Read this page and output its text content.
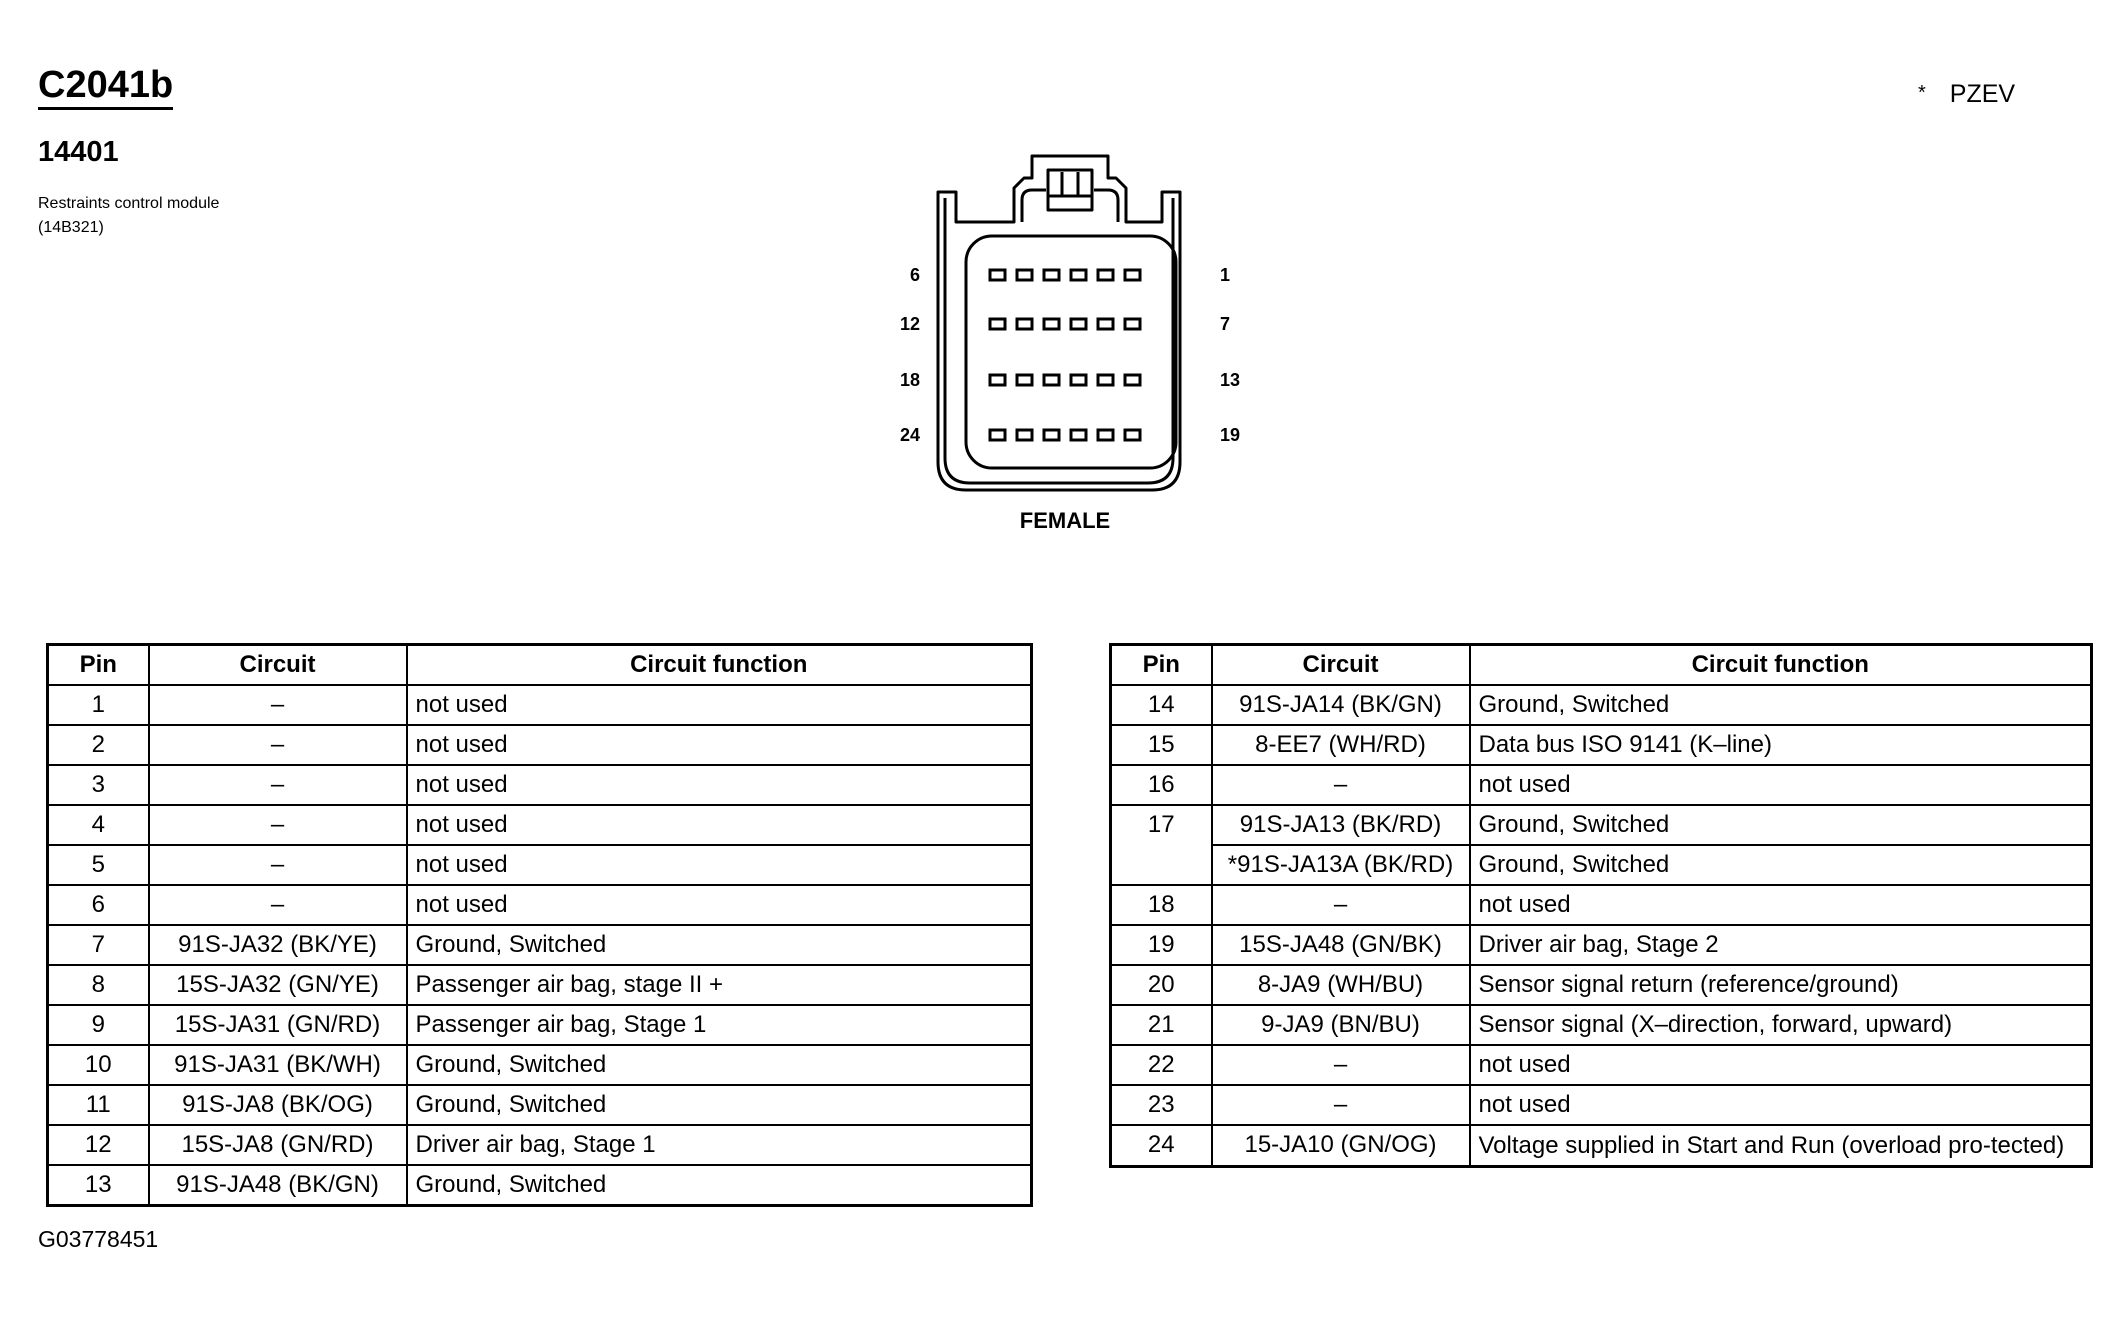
C2041b
14401
Restraints control module (14B321)
* PZEV
6
12
18
24
1
7
13
19
FEMALE
Pin	Circuit	Circuit function
1	–	not used
2	–	not used
3	–	not used
4	–	not used
5	–	not used
6	–	not used
7	91S-JA32 (BK/YE)	Ground, Switched
8	15S-JA32 (GN/YE)	Passenger air bag, stage II +
9	15S-JA31 (GN/RD)	Passenger air bag, Stage 1
10	91S-JA31 (BK/WH)	Ground, Switched
11	91S-JA8 (BK/OG)	Ground, Switched
12	15S-JA8 (GN/RD)	Driver air bag, Stage 1
13	91S-JA48 (BK/GN)	Ground, Switched
Pin	Circuit	Circuit function
14	91S-JA14 (BK/GN)	Ground, Switched
15	8-EE7 (WH/RD)	Data bus ISO 9141 (K–line)
16	–	not used
17	91S-JA13 (BK/RD)	Ground, Switched
	*91S-JA13A (BK/RD)	Ground, Switched
18	–	not used
19	15S-JA48 (GN/BK)	Driver air bag, Stage 2
20	8-JA9 (WH/BU)	Sensor signal return (reference/ground)
21	9-JA9 (BN/BU)	Sensor signal (X–direction, forward, upward)
22	–	not used
23	–	not used
24	15-JA10 (GN/OG)	Voltage supplied in Start and Run (overload pro-tected)
G03778451
